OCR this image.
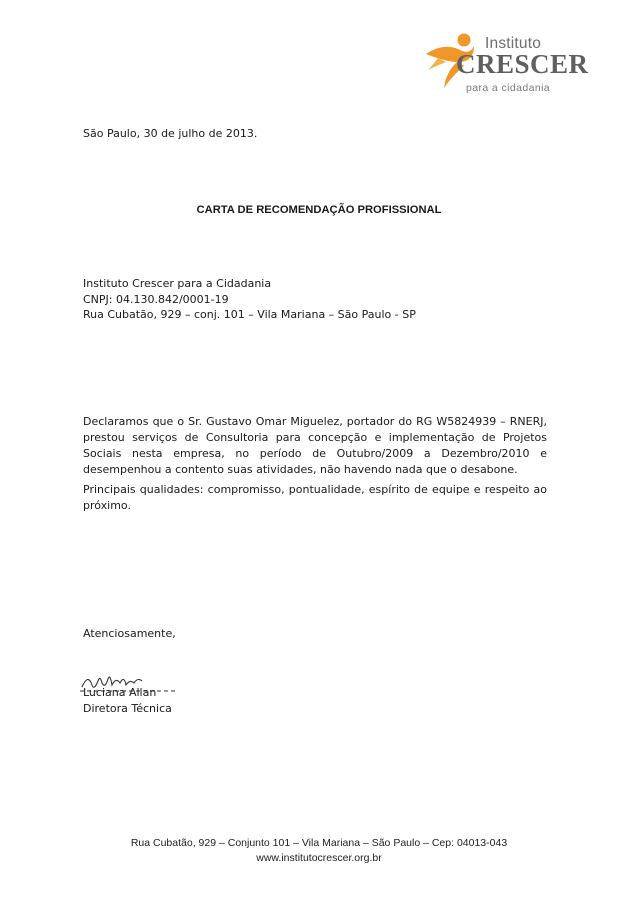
Instituto
CRESCER
para a cidadania
São Paulo, 30 de julho de 2013.
CARTA DE RECOMENDAÇÃO PROFISSIONAL
Instituto Crescer para a Cidadania
CNPJ: 04.130.842/0001-19
Rua Cubatão, 929 – conj. 101 – Vila Mariana – São Paulo - SP
Declaramos que o Sr. Gustavo Omar Miguelez, portador do RG W5824939 – RNERJ, prestou serviços de Consultoria para concepção e implementação de Projetos Sociais nesta empresa, no período de Outubro/2009 a Dezembro/2010 e desempenhou a contento suas atividades, não havendo nada que o desabone.
Principais qualidades: compromisso, pontualidade, espírito de equipe e respeito ao próximo.
Atenciosamente,
Luciana Allan
Diretora Técnica
Rua Cubatão, 929 – Conjunto 101 – Vila Mariana – São Paulo – Cep: 04013-043
www.institutocrescer.org.br
